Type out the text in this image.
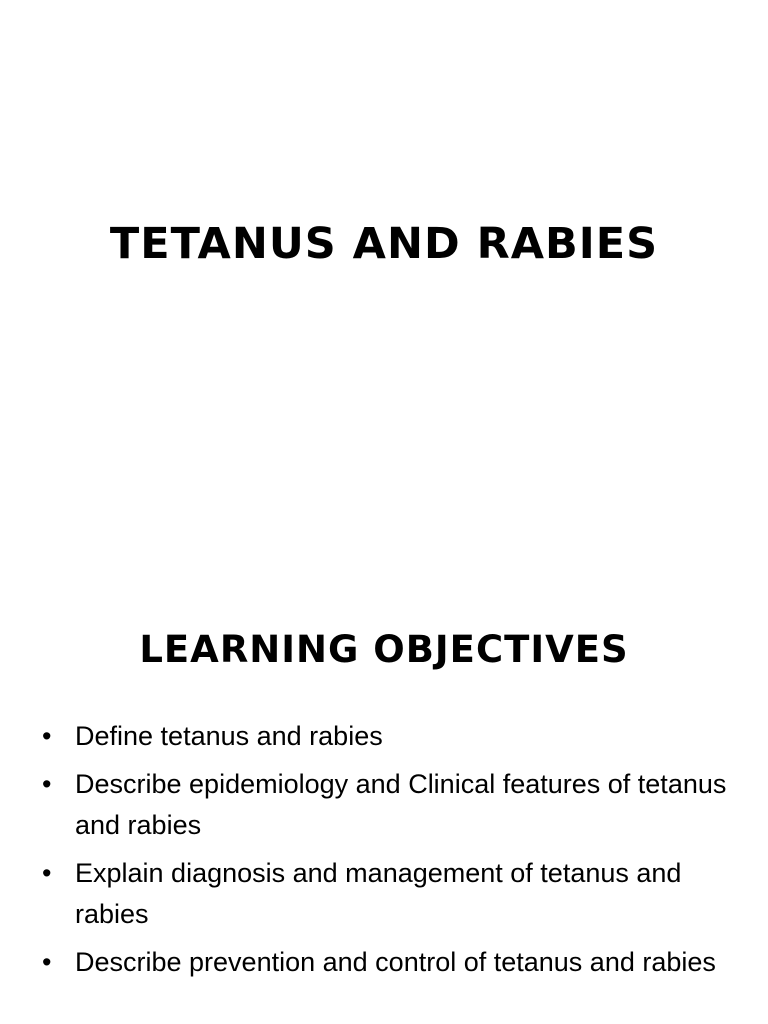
TETANUS AND RABIES
LEARNING OBJECTIVES
• Define tetanus and rabies
• Describe epidemiology and Clinical features of tetanus and rabies
• Explain diagnosis and management of tetanus and rabies
• Describe prevention and control of tetanus and rabies
